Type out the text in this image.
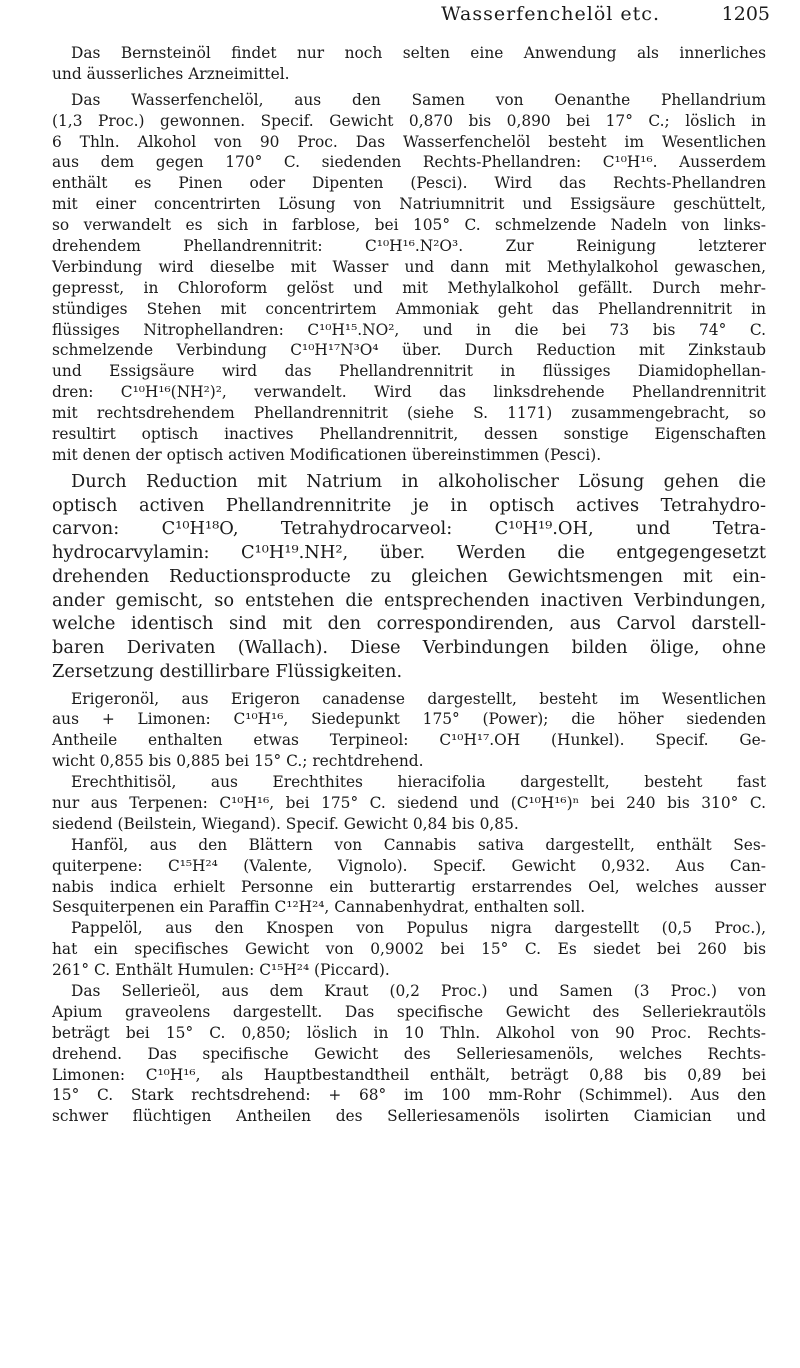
Wasserfenchelöl etc.	1205
Das Bernsteinöl findet nur noch selten eine Anwendung als innerliches
und äusserliches Arzneimittel.
Das Wasserfenchelöl, aus den Samen von Oenanthe Phellandrium
(1,3 Proc.) gewonnen. Specif. Gewicht 0,870 bis 0,890 bei 17° C.; löslich in
6 Thln. Alkohol von 90 Proc. Das Wasserfenchelöl besteht im Wesentlichen
aus dem gegen 170° C. siedenden Rechts-Phellandren: C¹⁰H¹⁶. Ausserdem
enthält es Pinen oder Dipenten (Pesci). Wird das Rechts-Phellandren
mit einer concentrirten Lösung von Natriumnitrit und Essigsäure geschüttelt,
so verwandelt es sich in farblose, bei 105° C. schmelzende Nadeln von links-
drehendem Phellandrennitrit: C¹⁰H¹⁶.N²O³. Zur Reinigung letzterer
Verbindung wird dieselbe mit Wasser und dann mit Methylalkohol gewaschen,
gepresst, in Chloroform gelöst und mit Methylalkohol gefällt. Durch mehr-
stündiges Stehen mit concentrirtem Ammoniak geht das Phellandrennitrit in
flüssiges Nitrophellandren: C¹⁰H¹⁵.NO², und in die bei 73 bis 74° C.
schmelzende Verbindung C¹⁰H¹⁷N³O⁴ über. Durch Reduction mit Zinkstaub
und Essigsäure wird das Phellandrennitrit in flüssiges Diamidophellan-
dren: C¹⁰H¹⁶(NH²)², verwandelt. Wird das linksdrehende Phellandrennitrit
mit rechtsdrehendem Phellandrennitrit (siehe S. 1171) zusammengebracht, so
resultirt optisch inactives Phellandrennitrit, dessen sonstige Eigenschaften
mit denen der optisch activen Modificationen übereinstimmen (Pesci).
Durch Reduction mit Natrium in alkoholischer Lösung gehen die
optisch activen Phellandrennitrite je in optisch actives Tetrahydro-
carvon: C¹⁰H¹⁸O, Tetrahydrocarveol: C¹⁰H¹⁹.OH, und Tetra-
hydrocarvylamin: C¹⁰H¹⁹.NH², über. Werden die entgegengesetzt
drehenden Reductionsproducte zu gleichen Gewichtsmengen mit ein-
ander gemischt, so entstehen die entsprechenden inactiven Verbindungen,
welche identisch sind mit den correspondirenden, aus Carvol darstell-
baren Derivaten (Wallach). Diese Verbindungen bilden ölige, ohne
Zersetzung destillirbare Flüssigkeiten.
Erigeronöl, aus Erigeron canadense dargestellt, besteht im Wesentlichen
aus + Limonen: C¹⁰H¹⁶, Siedepunkt 175° (Power); die höher siedenden
Antheile enthalten etwas Terpineol: C¹⁰H¹⁷.OH (Hunkel). Specif. Ge-
wicht 0,855 bis 0,885 bei 15° C.; rechtdrehend.
Erechthitisöl, aus Erechthites hieracifolia dargestellt, besteht fast
nur aus Terpenen: C¹⁰H¹⁶, bei 175° C. siedend und (C¹⁰H¹⁶)ⁿ bei 240 bis 310° C.
siedend (Beilstein, Wiegand). Specif. Gewicht 0,84 bis 0,85.
Hanföl, aus den Blättern von Cannabis sativa dargestellt, enthält Ses-
quiterpene: C¹⁵H²⁴ (Valente, Vignolo). Specif. Gewicht 0,932. Aus Can-
nabis indica erhielt Personne ein butterartig erstarrendes Oel, welches ausser
Sesquiterpenen ein Paraffin C¹²H²⁴, Cannabenhydrat, enthalten soll.
Pappelöl, aus den Knospen von Populus nigra dargestellt (0,5 Proc.),
hat ein specifisches Gewicht von 0,9002 bei 15° C. Es siedet bei 260 bis
261° C. Enthält Humulen: C¹⁵H²⁴ (Piccard).
Das Sellerieöl, aus dem Kraut (0,2 Proc.) und Samen (3 Proc.) von
Apium graveolens dargestellt. Das specifische Gewicht des Selleriekrautöls
beträgt bei 15° C. 0,850; löslich in 10 Thln. Alkohol von 90 Proc. Rechts-
drehend. Das specifische Gewicht des Selleriesamenöls, welches Rechts-
Limonen: C¹⁰H¹⁶, als Hauptbestandtheil enthält, beträgt 0,88 bis 0,89 bei
15° C. Stark rechtsdrehend: + 68° im 100 mm-Rohr (Schimmel). Aus den
schwer flüchtigen Antheilen des Selleriesamenöls isolirten Ciamician und
